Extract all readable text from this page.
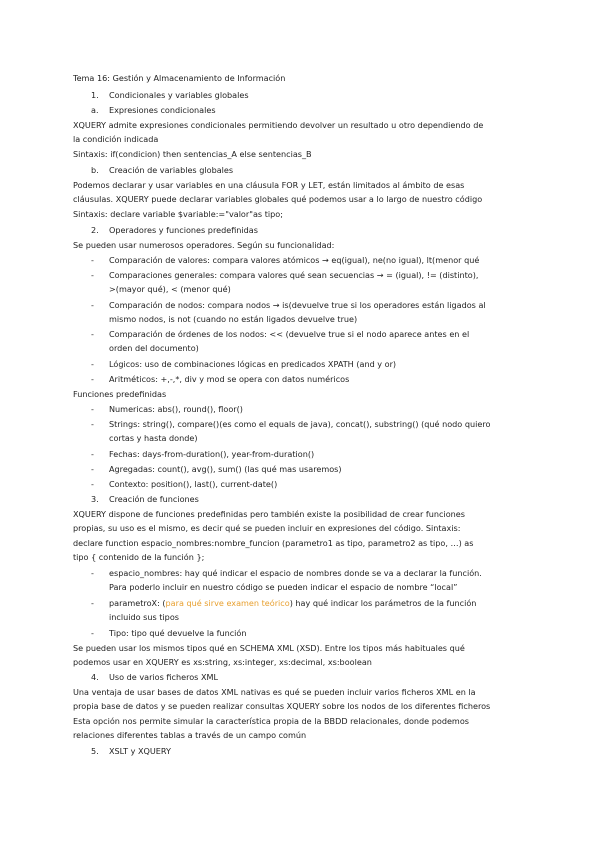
Tema 16: Gestión y Almacenamiento de Información
1. Condicionales y variables globales
a. Expresiones condicionales
XQUERY admite expresiones condicionales permitiendo devolver un resultado u otro dependiendo de
la condición indicada
Sintaxis: if(condicion) then sentencias_A else sentencias_B
b. Creación de variables globales
Podemos declarar y usar variables en una cláusula FOR y LET, están limitados al ámbito de esas
cláusulas. XQUERY puede declarar variables globales qué podemos usar a lo largo de nuestro código
Sintaxis: declare variable $variable:="valor"as tipo;
2. Operadores y funciones predefinidas
Se pueden usar numerosos operadores. Según su funcionalidad:
- Comparación de valores: compara valores atómicos → eq(igual), ne(no igual), lt(menor qué
- Comparaciones generales: compara valores qué sean secuencias → = (igual), != (distinto),
>(mayor qué), < (menor qué)
- Comparación de nodos: compara nodos → is(devuelve true si los operadores están ligados al
mismo nodos, is not (cuando no están ligados devuelve true)
- Comparación de órdenes de los nodos: << (devuelve true si el nodo aparece antes en el
orden del documento)
- Lógicos: uso de combinaciones lógicas en predicados XPATH (and y or)
- Aritméticos: +,-,*, div y mod se opera con datos numéricos
Funciones predefinidas
- Numericas: abs(), round(), floor()
- Strings: string(), compare()(es como el equals de java), concat(), substring() (qué nodo quiero
cortas y hasta donde)
- Fechas: days-from-duration(), year-from-duration()
- Agregadas: count(), avg(), sum() (las qué mas usaremos)
- Contexto: position(), last(), current-date()
3. Creación de funciones
XQUERY dispone de funciones predefinidas pero también existe la posibilidad de crear funciones
propias, su uso es el mismo, es decir qué se pueden incluir en expresiones del código. Sintaxis:
declare function espacio_nombres:nombre_funcion (parametro1 as tipo, parametro2 as tipo, …) as
tipo { contenido de la función };
- espacio_nombres: hay qué indicar el espacio de nombres donde se va a declarar la función.
Para poderlo incluir en nuestro código se pueden indicar el espacio de nombre “local”
- parametroX: (para qué sirve examen teórico) hay qué indicar los parámetros de la función
incluido sus tipos
- Tipo: tipo qué devuelve la función
Se pueden usar los mismos tipos qué en SCHEMA XML (XSD). Entre los tipos más habituales qué
podemos usar en XQUERY es xs:string, xs:integer, xs:decimal, xs:boolean
4. Uso de varios ficheros XML
Una ventaja de usar bases de datos XML nativas es qué se pueden incluir varios ficheros XML en la
propia base de datos y se pueden realizar consultas XQUERY sobre los nodos de los diferentes ficheros
Esta opción nos permite simular la característica propia de la BBDD relacionales, donde podemos
relaciones diferentes tablas a través de un campo común
5. XSLT y XQUERY
